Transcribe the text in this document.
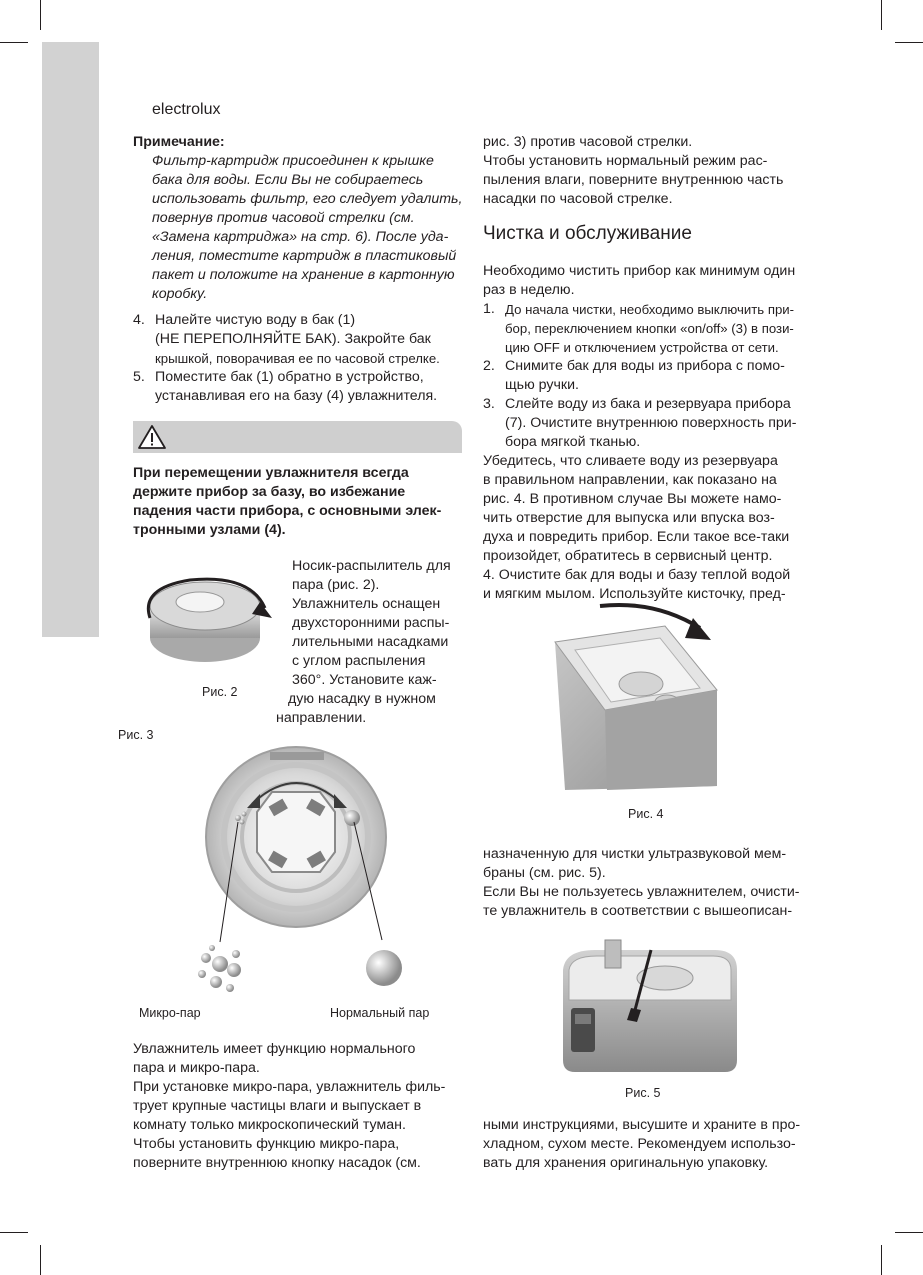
electrolux
Примечание:
Фильтр-картридж присоединен к крышке
бака для воды. Если Вы не собираетесь
использовать фильтр, его следует удалить,
повернув против часовой стрелки (см.
«Замена картриджа» на стр. 6). После уда-
ления, поместите картридж в пластиковый
пакет и положите на хранение в картонную
коробку.
4. Налейте чистую воду в бак (1)
(НЕ ПЕРЕПОЛНЯЙТЕ БАК). Закройте бак
крышкой, поворачивая ее по часовой стрелке.
5. Поместите бак (1) обратно в устройство,
устанавливая его на базу (4) увлажнителя.
При перемещении увлажнителя всегда
держите прибор за базу, во избежание
падения части прибора, с основными элек-
тронными узлами (4).
Рис. 2
Носик-распылитель для
пара (рис. 2).
Увлажнитель оснащен
двухсторонними распы-
лительными насадками
с углом распыления
360°. Установите каж-
дую насадку в нужном
направлении.
Рис. 3
Микро-пар	Нормальный пар
Увлажнитель имеет функцию нормального
пара и микро-пара.
При установке микро-пара, увлажнитель филь-
трует крупные частицы влаги и выпускает в
комнату только микроскопический туман.
Чтобы установить функцию микро-пара,
поверните внутреннюю кнопку насадок (см.
рис. 3) против часовой стрелки.
Чтобы установить нормальный режим рас-
пыления влаги, поверните внутреннюю часть
насадки по часовой стрелке.
Чистка и обслуживание
Необходимо чистить прибор как минимум один
раз в неделю.
1. До начала чистки, необходимо выключить при-
бор, переключением кнопки «on/off» (3) в пози-
цию OFF и отключением устройства от сети.
2. Снимите бак для воды из прибора с помо-
щью ручки.
3. Слейте воду из бака и резервуара прибора
(7). Очистите внутреннюю поверхность при-
бора мягкой тканью.
Убедитесь, что сливаете воду из резервуара
в правильном направлении, как показано на
рис. 4. В противном случае Вы можете намо-
чить отверстие для выпуска или впуска воз-
духа и повредить прибор. Если такое все-таки
произойдет, обратитесь в сервисный центр.
4. Очистите бак для воды и базу теплой водой
и мягким мылом. Используйте кисточку, пред-
Рис. 4
назначенную для чистки ультразвуковой мем-
браны (см. рис. 5).
Если Вы не пользуетесь увлажнителем, очисти-
те увлажнитель в соответствии с вышеописан-
Рис. 5
ными инструкциями, высушите и храните в про-
хладном, сухом месте. Рекомендуем использо-
вать для хранения оригинальную упаковку.
